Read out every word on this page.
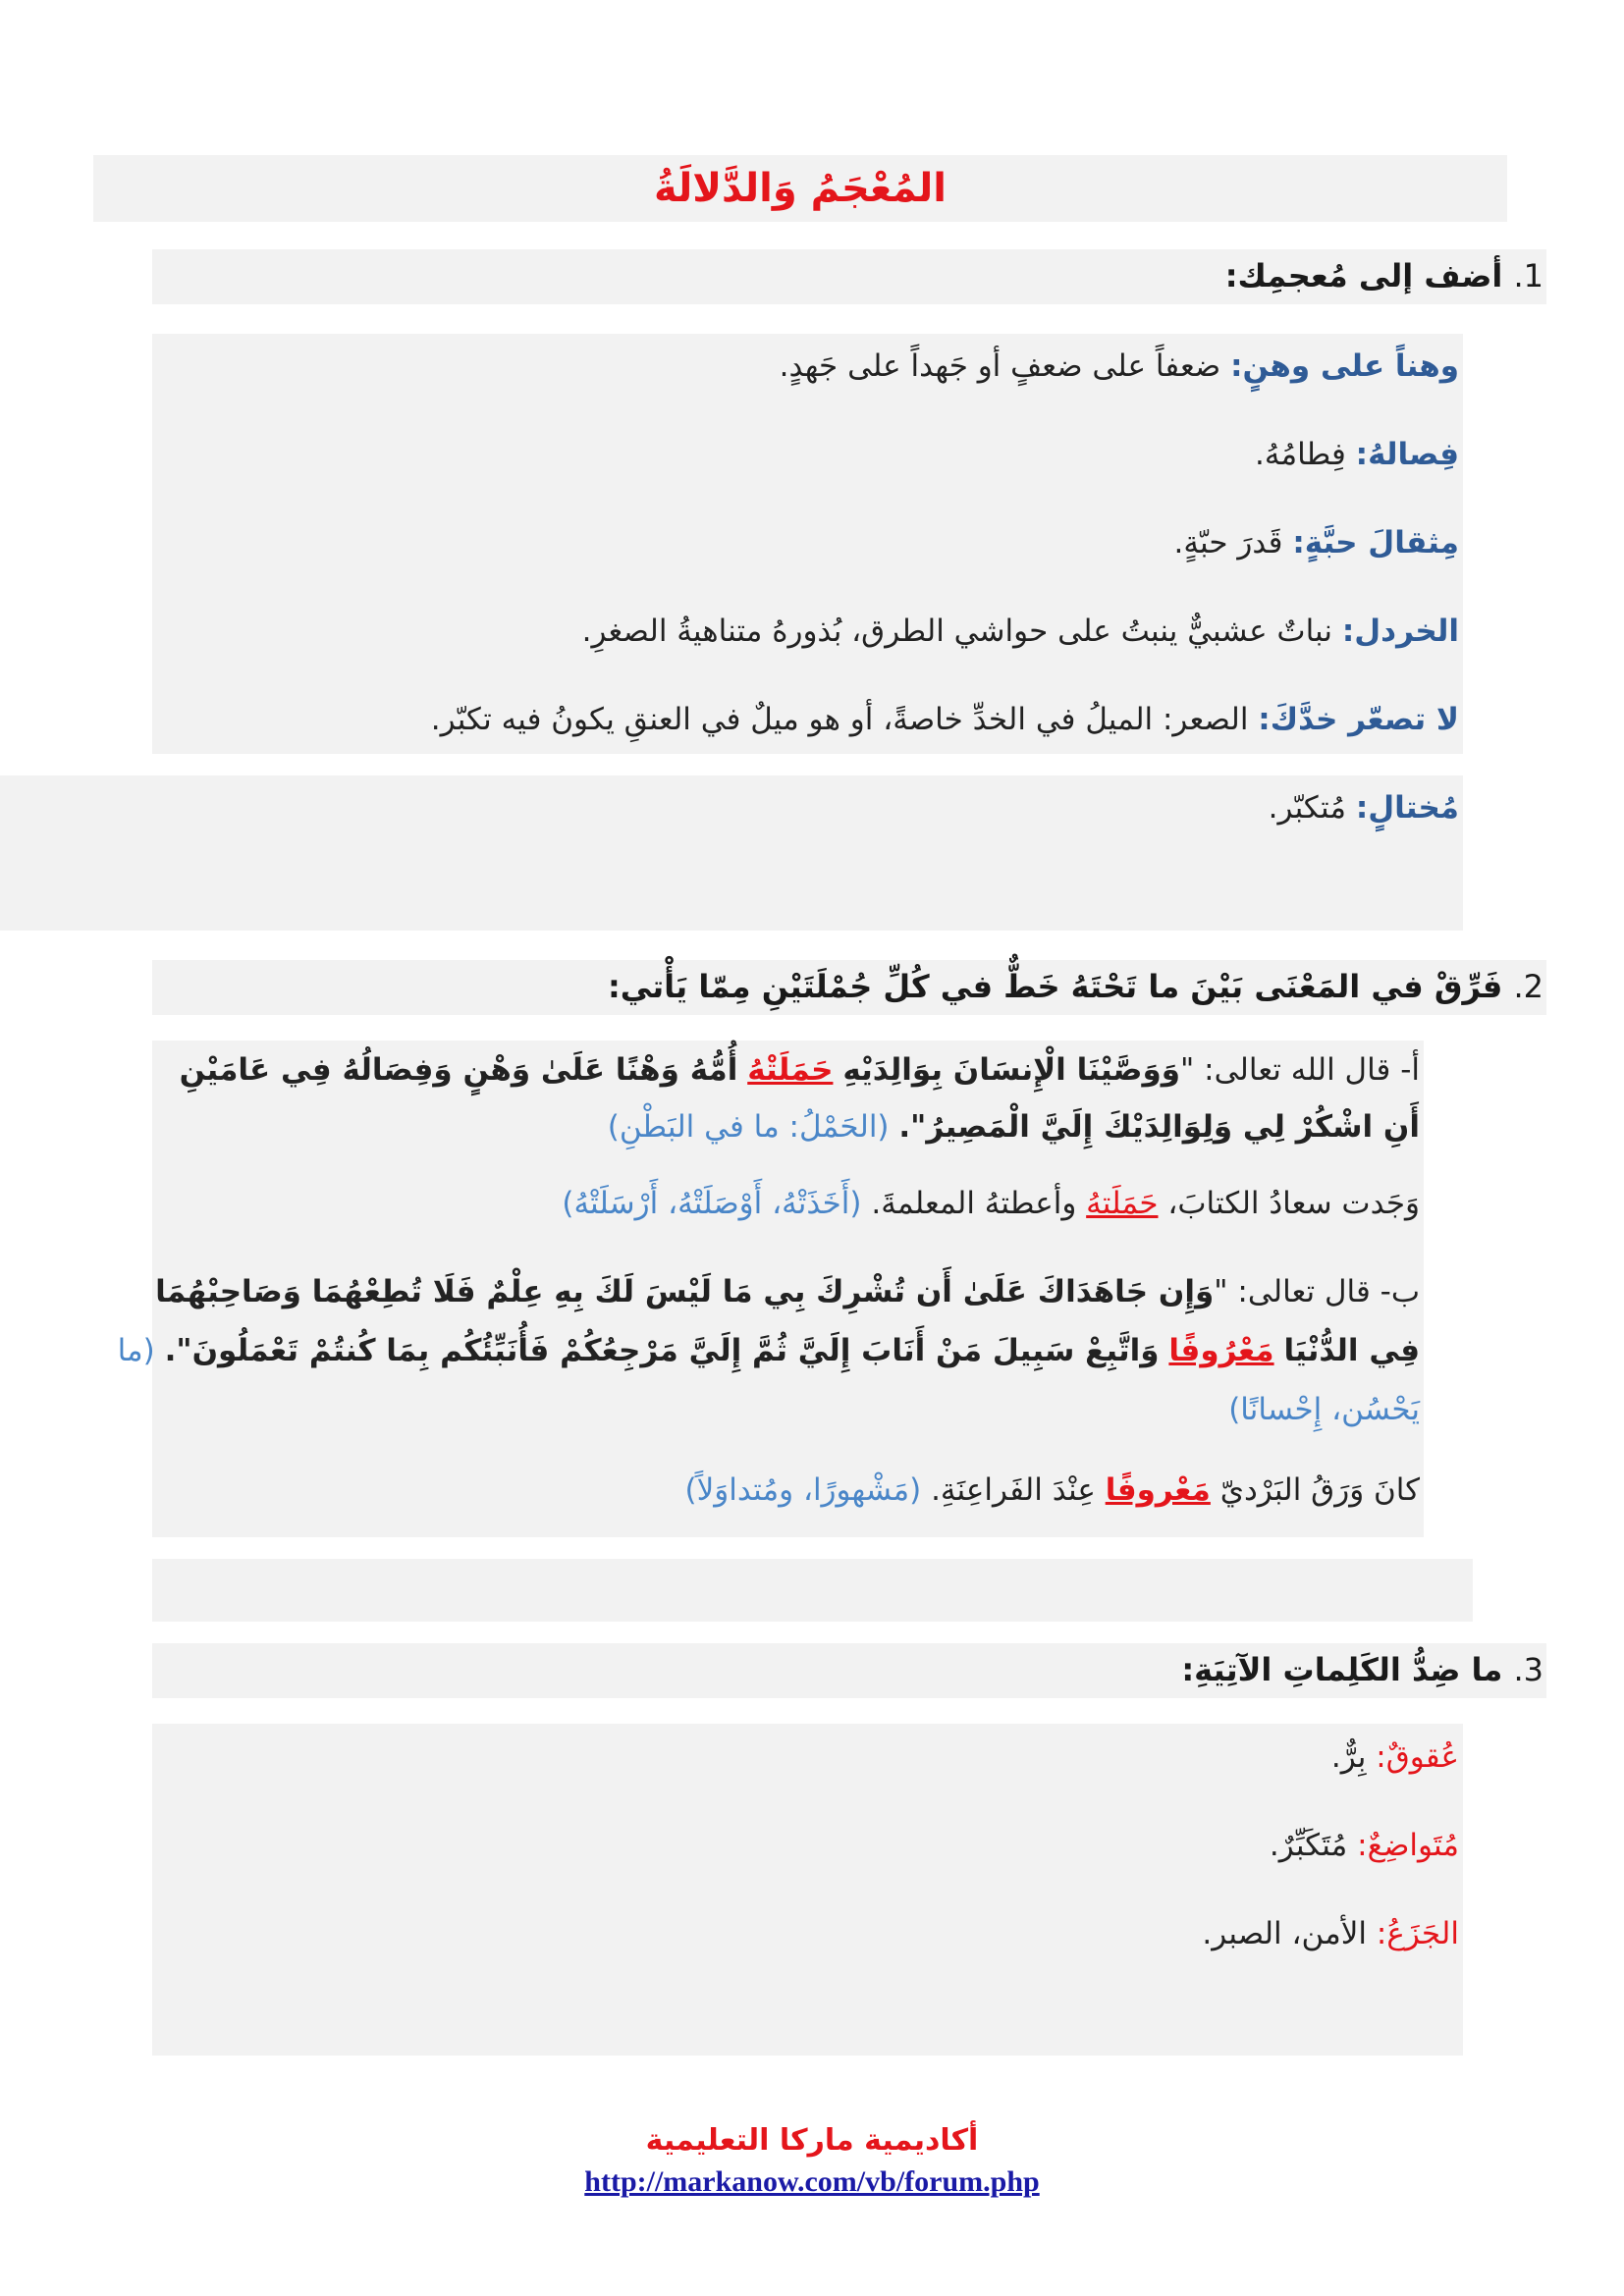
المُعْجَمُ وَالدَّلالَةُ
1. أضف إلى مُعجمِك:
وهناً على وهنٍ: ضعفاً على ضعفٍ أو جَهداً على جَهدٍ.
فِصالهُ: فِطامُهُ.
مِثقالَ حبَّةٍ: قَدرَ حبّةٍ.
الخردل: نباتٌ عشبيٌّ ينبتُ على حواشي الطرق، بُذورهُ متناهيةُ الصغرِ.
لا تصعّر خدَّكَ: الصعر: الميلُ في الخدِّ خاصةً، أو هو ميلٌ في العنقِ يكونُ فيه تكبّر.
مُختالٍ: مُتكبّر.
2. فَرِّقْ في المَعْنَى بَيْنَ ما تَحْتَهُ خَطٌّ في كُلِّ جُمْلَتَيْنِ مِمّا يَأْتي:
أ- قال الله تعالى: "وَوَصَّيْنَا الْإِنسَانَ بِوَالِدَيْهِ حَمَلَتْهُ أُمُّهُ وَهْنًا عَلَىٰ وَهْنٍ وَفِصَالُهُ فِي عَامَيْنِ
أَنِ اشْكُرْ لِي وَلِوَالِدَيْكَ إِلَيَّ الْمَصِيرُ". (الحَمْلُ: ما في البَطْنِ)
وَجَدت سعادُ الكتابَ، حَمَلَتهُ وأعطتهُ المعلمةَ. (أَخَذَتْهُ، أَوْصَلَتْهُ، أَرْسَلَتْهُ)
ب- قال تعالى: "وَإِن جَاهَدَاكَ عَلَىٰ أَن تُشْرِكَ بِي مَا لَيْسَ لَكَ بِهِ عِلْمٌ فَلَا تُطِعْهُمَا وَصَاحِبْهُمَا
فِي الدُّنْيَا مَعْرُوفًا وَاتَّبِعْ سَبِيلَ مَنْ أَنَابَ إِلَيَّ ثُمَّ إِلَيَّ مَرْجِعُكُمْ فَأُنَبِّئُكُم بِمَا كُنتُمْ تَعْمَلُونَ". (ما
يَحْسُن، إِحْسانًا)
كانَ وَرَقُ البَرْديّ مَعْروفًا عِنْدَ الفَراعِنَةِ. (مَشْهورًا، ومُتداوَلاً)
3. ما ضِدُّ الكَلِماتِ الآتِيَةِ:
عُقوقٌ: بِرٌّ.
مُتَواضِعٌ: مُتَكَبِّرٌ.
الجَزَعُ: الأمن، الصبر.
أكاديمية ماركا التعليمية
http://markanow.com/vb/forum.php
